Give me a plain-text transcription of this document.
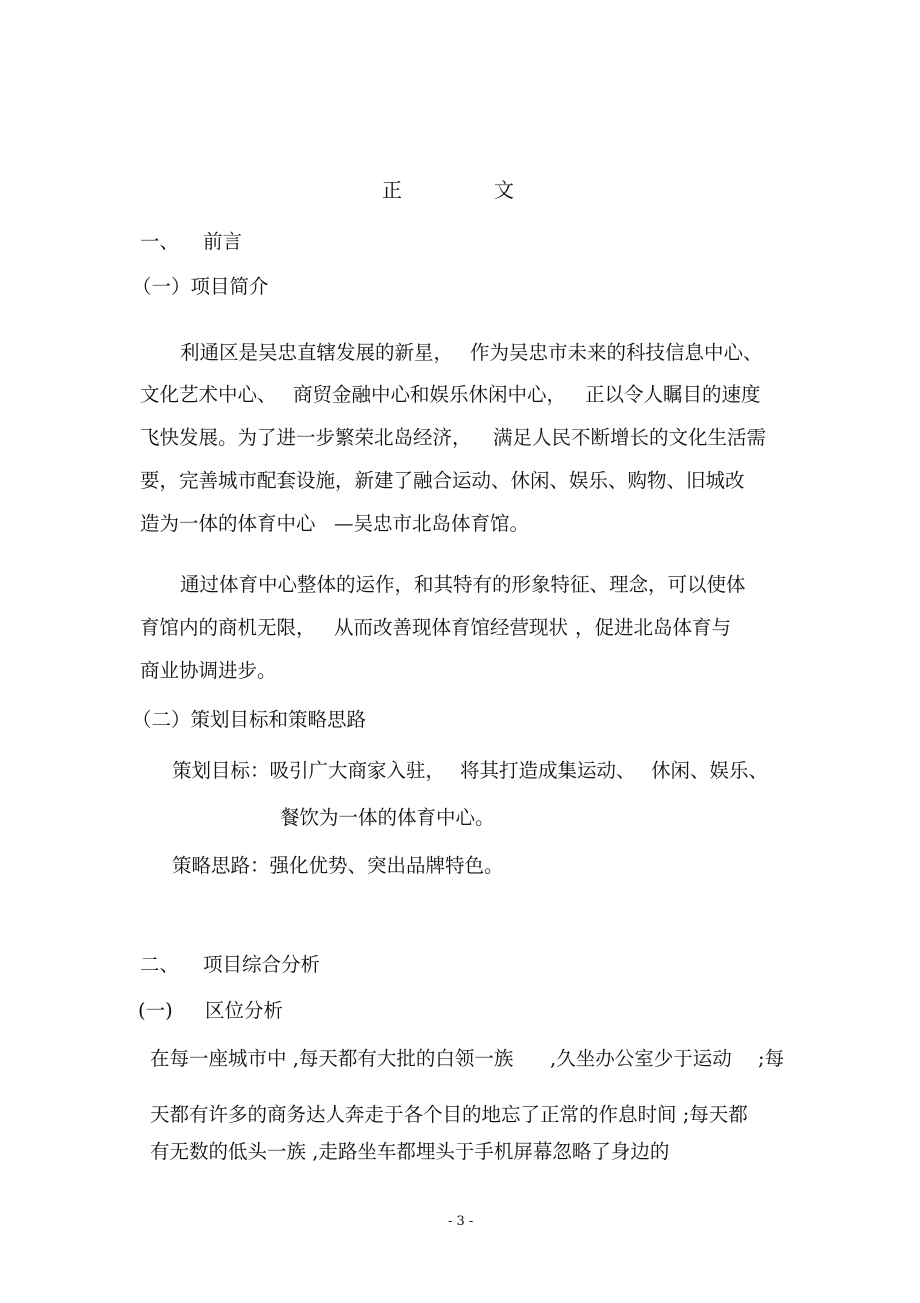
正	文
一、 前言
（一）项目简介
利通区是吴忠直辖发展的新星， 作为吴忠市未来的科技信息中心、
文化艺术中心、 商贸金融中心和娱乐休闲中心， 正以令人瞩目的速度
飞快发展。为了进一步繁荣北岛经济， 满足人民不断增长的文化生活需
要，完善城市配套设施，新建了融合运动、休闲、娱乐、购物、旧城改
造为一体的体育中心 —吴忠市北岛体育馆。
通过体育中心整体的运作，和其特有的形象特征、理念，可以使体
育馆内的商机无限， 从而改善现体育馆经营现状 ，促进北岛体育与
商业协调进步。
（二）策划目标和策略思路
策划目标：吸引广大商家入驻， 将其打造成集运动、 休闲、娱乐、
餐饮为一体的体育中心。
策略思路：强化优势、突出品牌特色。
二、 项目综合分析
(一) 区位分析
在每一座城市中 ,每天都有大批的白领一族 ,久坐办公室少于运动 ;每
天都有许多的商务达人奔走于各个目的地忘了正常的作息时间 ;每天都
有无数的低头一族 ,走路坐车都埋头于手机屏幕忽略了身边的
- 3 -
